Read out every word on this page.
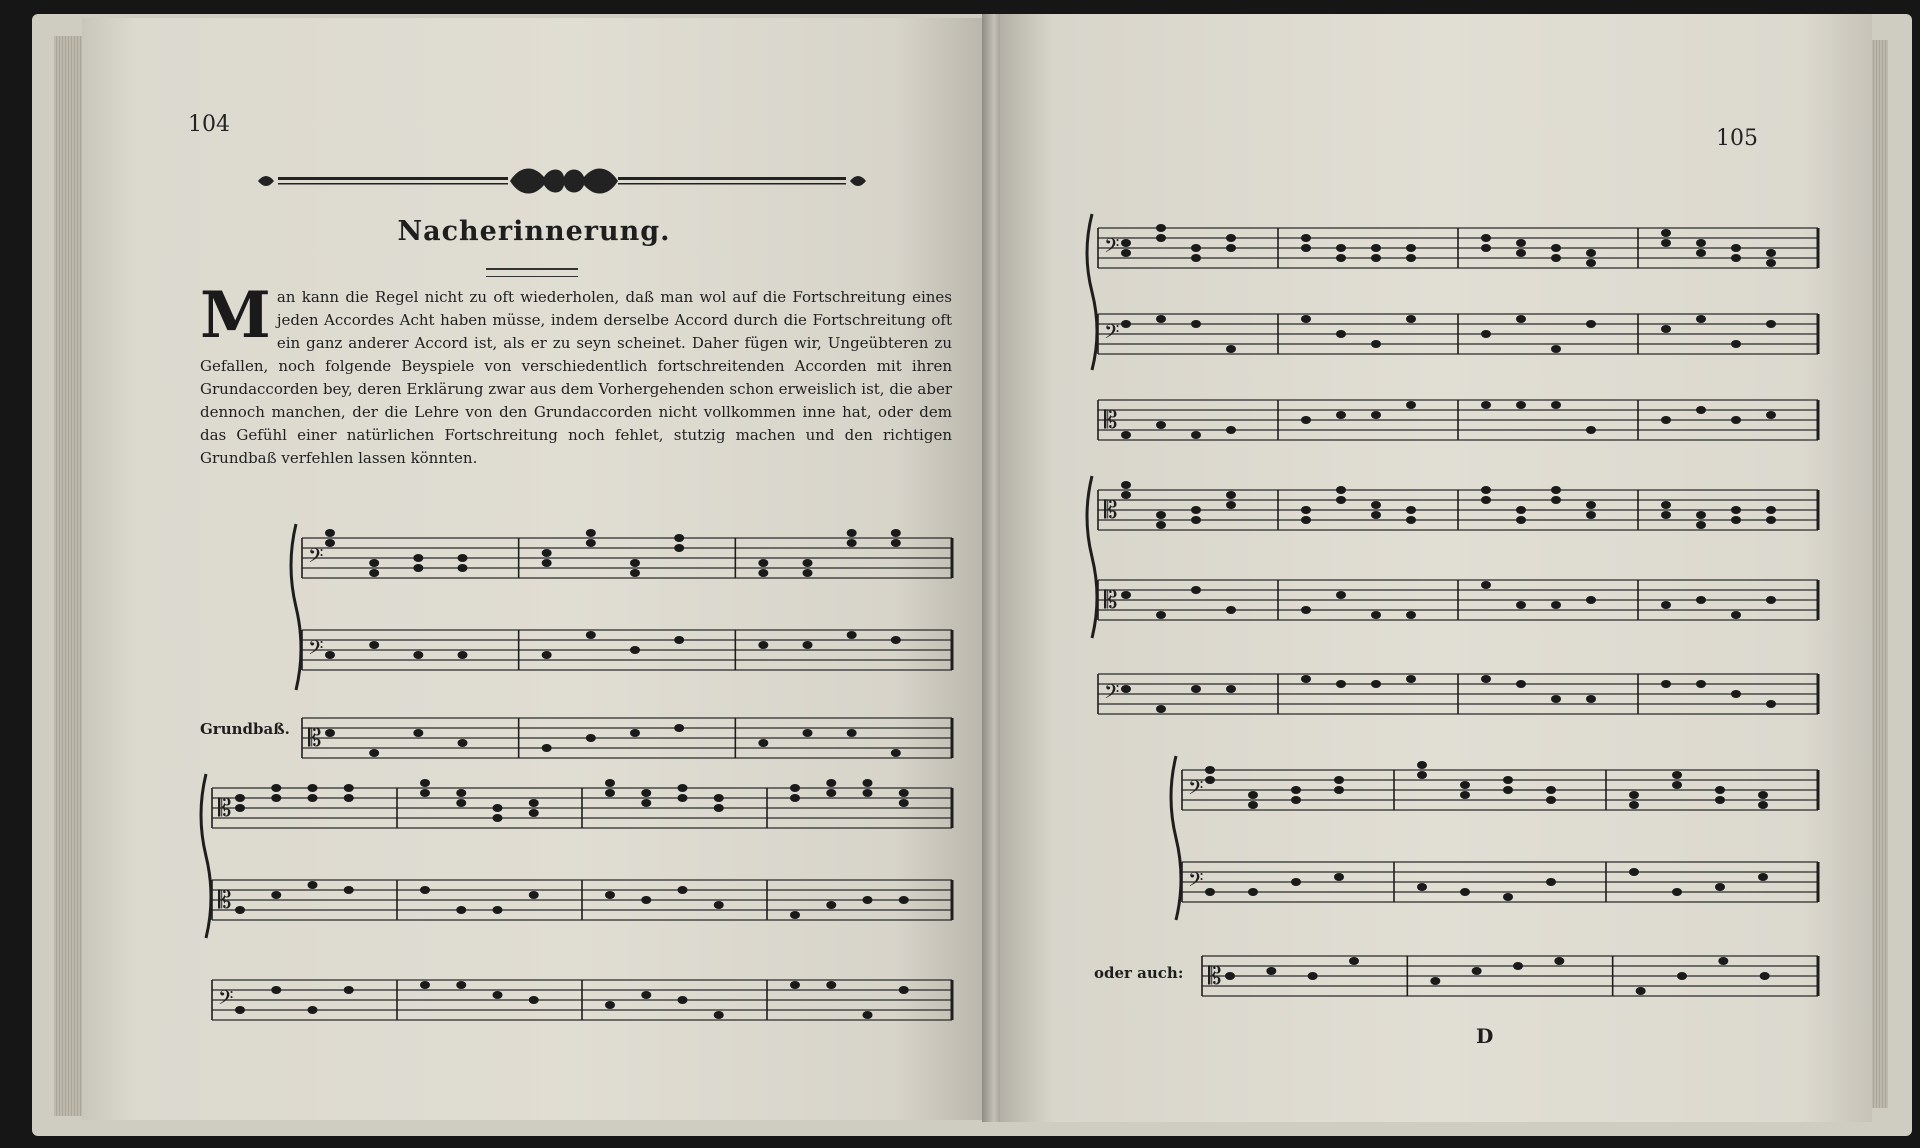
104
Nacherinnerung.
Man kann die Regel nicht zu oft wiederholen, daß man wol auf die Fortschreitung eines jeden Accordes Acht haben müsse, indem derselbe Accord durch die Fortschreitung oft ein ganz anderer Accord ist, als er zu seyn scheinet. Daher fügen wir, Ungeübteren zu Gefallen, noch folgende Beyspiele von verschiedentlich fortschreitenden Accorden mit ihren Grundaccorden bey, deren Erklärung zwar aus dem Vorhergehenden schon erweislich ist, die aber dennoch manchen, der die Lehre von den Grundaccorden nicht vollkommen inne hat, oder dem das Gefühl einer natürlichen Fortschreitung noch fehlet, stutzig machen und den richtigen Grundbaß verfehlen lassen könnten.
Grundbaß.
𝄢
𝄢
𝄡
𝄡
𝄡
𝄢
105
oder auch:
D
𝄢
𝄢
𝄡
𝄡
𝄡
𝄢
𝄢
𝄢
𝄡
